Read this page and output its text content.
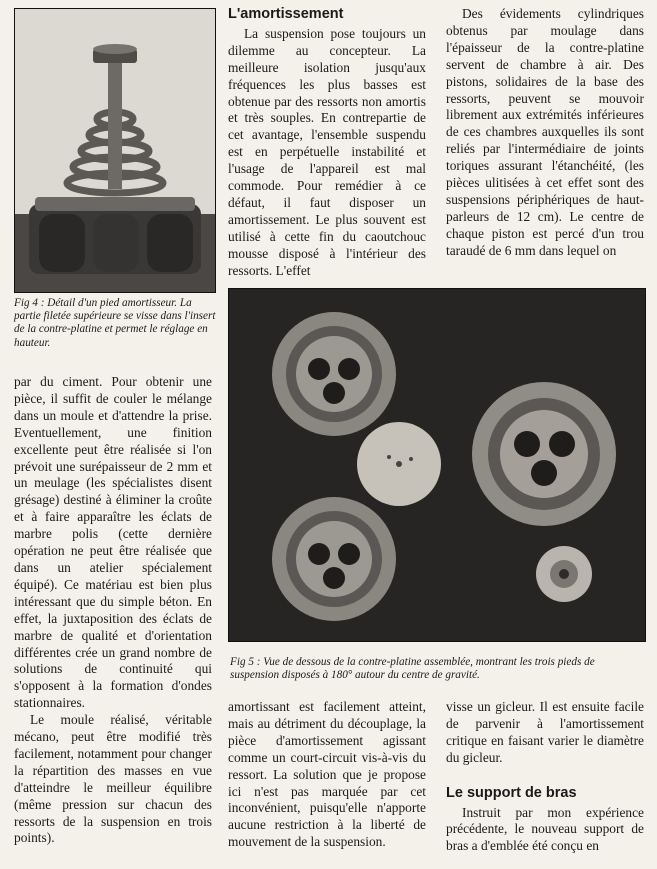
Fig 4 : Détail d'un pied amortisseur. La partie filetée supérieure se visse dans l'insert de la contre-platine et permet le réglage en hauteur.

L'amortissement

La suspension pose toujours un dilemme au concepteur. La meilleure isolation jusqu'aux fréquences les plus basses est obtenue par des ressorts non amortis et très souples. En contrepartie de cet avantage, l'ensemble suspendu est en perpétuelle instabilité et l'usage de l'appareil est mal commode. Pour remédier à ce défaut, il faut disposer un amortissement. Le plus souvent est utilisé à cette fin du caoutchouc mousse disposé à l'intérieur des ressorts. L'effet

Des évidements cylindriques obtenus par moulage dans l'épaisseur de la contre-platine servent de chambre à air. Des pistons, solidaires de la base des ressorts, peuvent se mouvoir librement aux extrémités inférieures de ces chambres auxquelles ils sont reliés par l'intermédiaire de joints toriques assurant l'étanchéité, (les pièces ulitisées à cet effet sont des suspensions périphériques de haut-parleurs de 12 cm). Le centre de chaque piston est percé d'un trou taraudé de 6 mm dans lequel on

Fig 5 : Vue de dessous de la contre-platine assemblée, montrant les trois pieds de suspension disposés à 180° autour du centre de gravité.

par du ciment. Pour obtenir une pièce, il suffit de couler le mélange dans un moule et d'attendre la prise. Eventuellement, une finition excellente peut être réalisée si l'on prévoit une surépaisseur de 2 mm et un meulage (les spécialistes disent grésage) destiné à éliminer la croûte et à faire apparaître les éclats de marbre polis (cette dernière opération ne peut être réalisée que dans un atelier spécialement équipé). Ce matériau est bien plus intéressant que du simple béton. En effet, la juxtaposition des éclats de marbre de qualité et d'orientation différentes crée un grand nombre de solutions de continuité qui s'opposent à la formation d'ondes stationnaires.

Le moule réalisé, véritable mécano, peut être modifié très facilement, notamment pour changer la répartition des masses en vue d'atteindre le meilleur équilibre (même pression sur chacun des ressorts de la suspension en trois points).

amortissant est facilement atteint, mais au détriment du découplage, la pièce d'amortissement agissant comme un court-circuit vis-à-vis du ressort. La solution que je propose ici n'est pas marquée par cet inconvénient, puisqu'elle n'apporte aucune restriction à la liberté de mouvement de la suspension.

visse un gicleur. Il est ensuite facile de parvenir à l'amortissement critique en faisant varier le diamètre du gicleur.

Le support de bras

Instruit par mon expérience précédente, le nouveau support de bras a d'emblée été conçu en
